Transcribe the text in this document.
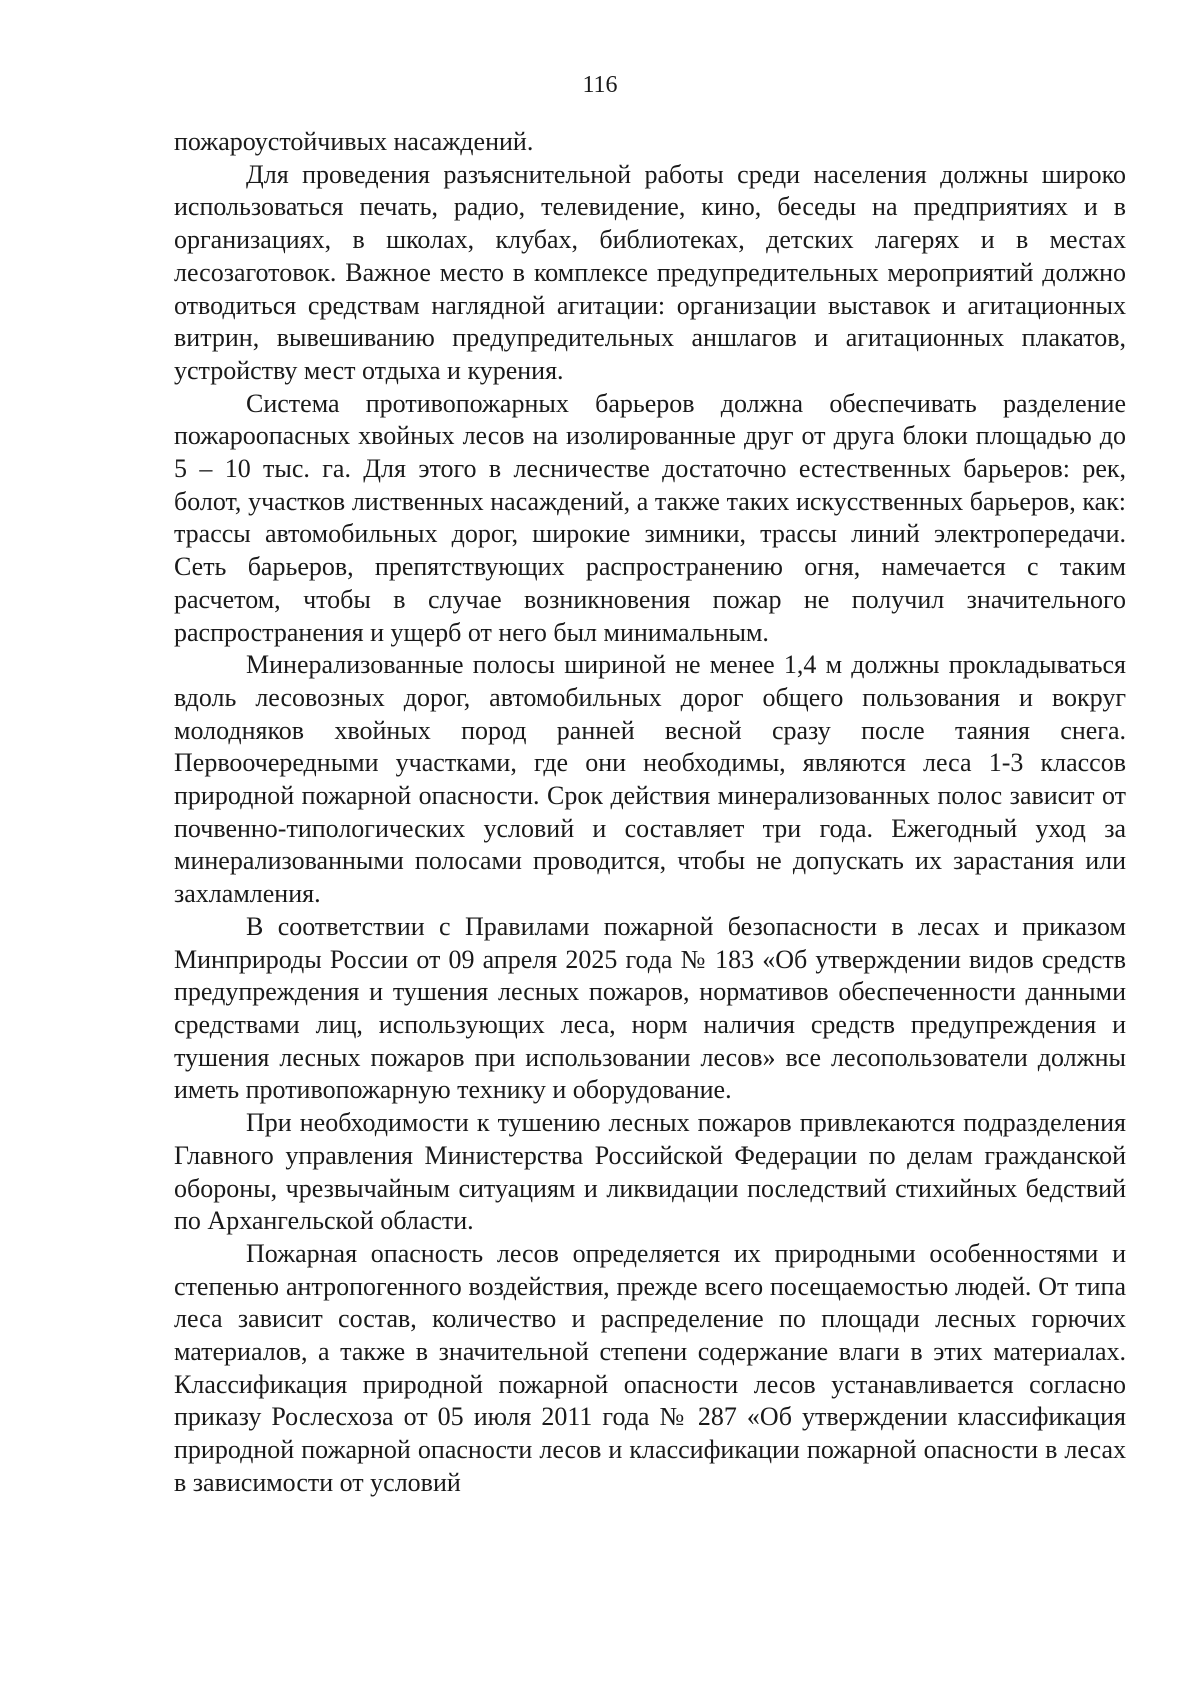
116

пожароустойчивых насаждений.

Для проведения разъяснительной работы среди населения должны широко использоваться печать, радио, телевидение, кино, беседы на предприятиях и в организациях, в школах, клубах, библиотеках, детских лагерях и в местах лесозаготовок. Важное место в комплексе предупредительных мероприятий должно отводиться средствам наглядной агитации: организации выставок и агитационных витрин, вывешиванию предупредительных аншлагов и агитационных плакатов, устройству мест отдыха и курения.

Система противопожарных барьеров должна обеспечивать разделение пожароопасных хвойных лесов на изолированные друг от друга блоки площадью до 5 – 10 тыс. га. Для этого в лесничестве достаточно естественных барьеров: рек, болот, участков лиственных насаждений, а также таких искусственных барьеров, как: трассы автомобильных дорог, широкие зимники, трассы линий электропередачи. Сеть барьеров, препятствующих распространению огня, намечается с таким расчетом, чтобы в случае возникновения пожар не получил значительного распространения и ущерб от него был минимальным.

Минерализованные полосы шириной не менее 1,4 м должны прокладываться вдоль лесовозных дорог, автомобильных дорог общего пользования и вокруг молодняков хвойных пород ранней весной сразу после таяния снега. Первоочередными участками, где они необходимы, являются леса 1-3 классов природной пожарной опасности. Срок действия минерализованных полос зависит от почвенно-типологических условий и составляет три года. Ежегодный уход за минерализованными полосами проводится, чтобы не допускать их зарастания или захламления.

В соответствии с Правилами пожарной безопасности в лесах и приказом Минприроды России от 09 апреля 2025 года № 183 «Об утверждении видов средств предупреждения и тушения лесных пожаров, нормативов обеспеченности данными средствами лиц, использующих леса, норм наличия средств предупреждения и тушения лесных пожаров при использовании лесов» все лесопользователи должны иметь противопожарную технику и оборудование.

При необходимости к тушению лесных пожаров привлекаются подразделения Главного управления Министерства Российской Федерации по делам гражданской обороны, чрезвычайным ситуациям и ликвидации последствий стихийных бедствий по Архангельской области.

Пожарная опасность лесов определяется их природными особенностями и степенью антропогенного воздействия, прежде всего посещаемостью людей. От типа леса зависит состав, количество и распределение по площади лесных горючих материалов, а также в значительной степени содержание влаги в этих материалах. Классификация природной пожарной опасности лесов устанавливается согласно приказу Рослесхоза от 05 июля 2011 года № 287 «Об утверждении классификация природной пожарной опасности лесов и классификации пожарной опасности в лесах в зависимости от условий
